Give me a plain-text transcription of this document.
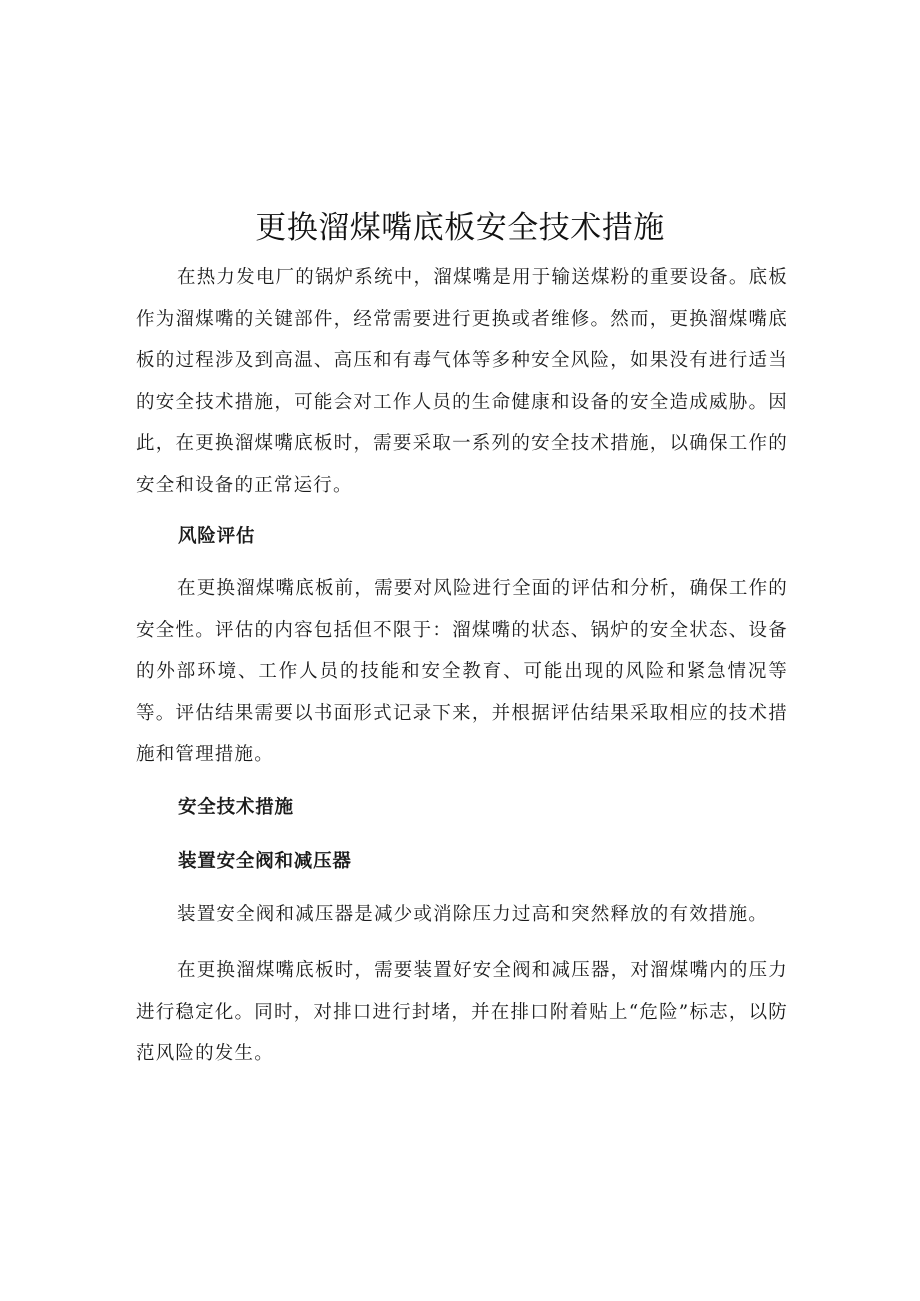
更换溜煤嘴底板安全技术措施

在热力发电厂的锅炉系统中，溜煤嘴是用于输送煤粉的重要设备。底板作为溜煤嘴的关键部件，经常需要进行更换或者维修。然而，更换溜煤嘴底板的过程涉及到高温、高压和有毒气体等多种安全风险，如果没有进行适当的安全技术措施，可能会对工作人员的生命健康和设备的安全造成威胁。因此，在更换溜煤嘴底板时，需要采取一系列的安全技术措施，以确保工作的安全和设备的正常运行。

风险评估

在更换溜煤嘴底板前，需要对风险进行全面的评估和分析，确保工作的安全性。评估的内容包括但不限于：溜煤嘴的状态、锅炉的安全状态、设备的外部环境、工作人员的技能和安全教育、可能出现的风险和紧急情况等等。评估结果需要以书面形式记录下来，并根据评估结果采取相应的技术措施和管理措施。

安全技术措施
装置安全阀和减压器

装置安全阀和减压器是减少或消除压力过高和突然释放的有效措施。

在更换溜煤嘴底板时，需要装置好安全阀和减压器，对溜煤嘴内的压力进行稳定化。同时，对排口进行封堵，并在排口附着贴上“危险”标志，以防范风险的发生。
